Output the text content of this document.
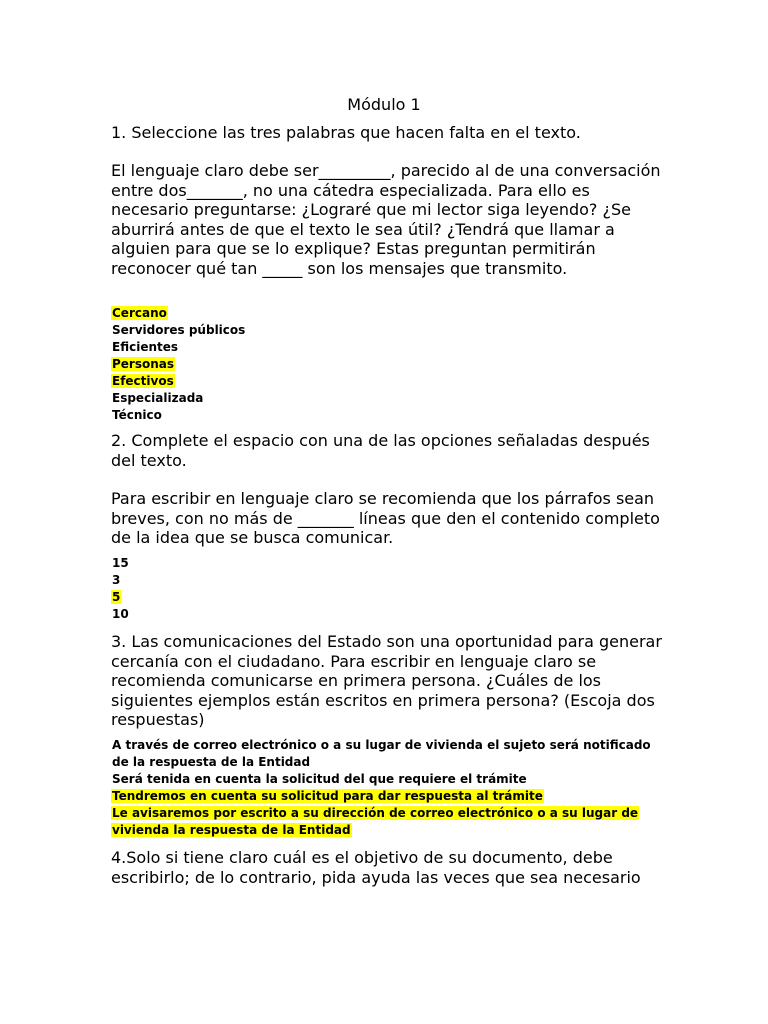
Módulo 1
1. Seleccione las tres palabras que hacen falta en el texto.
El lenguaje claro debe ser_________, parecido al de una conversación entre dos_______, no una cátedra especializada. Para ello es necesario preguntarse: ¿Lograré que mi lector siga leyendo? ¿Se aburrirá antes de que el texto le sea útil? ¿Tendrá que llamar a alguien para que se lo explique? Estas preguntan permitirán reconocer qué tan _____ son los mensajes que transmito.
Cercano
Servidores públicos
Eficientes
Personas
Efectivos
Especializada
Técnico
2. Complete el espacio con una de las opciones señaladas después del texto.
Para escribir en lenguaje claro se recomienda que los párrafos sean breves, con no más de _______ líneas que den el contenido completo de la idea que se busca comunicar.
15
3
5
10
3. Las comunicaciones del Estado son una oportunidad para generar cercanía con el ciudadano. Para escribir en lenguaje claro se recomienda comunicarse en primera persona. ¿Cuáles de los siguientes ejemplos están escritos en primera persona? (Escoja dos respuestas)
A través de correo electrónico o a su lugar de vivienda el sujeto será notificado de la respuesta de la Entidad
Será tenida en cuenta la solicitud del que requiere el trámite
Tendremos en cuenta su solicitud para dar respuesta al trámite
Le avisaremos por escrito a su dirección de correo electrónico o a su lugar de vivienda la respuesta de la Entidad
4.Solo si tiene claro cuál es el objetivo de su documento, debe escribirlo; de lo contrario, pida ayuda las veces que sea necesario
